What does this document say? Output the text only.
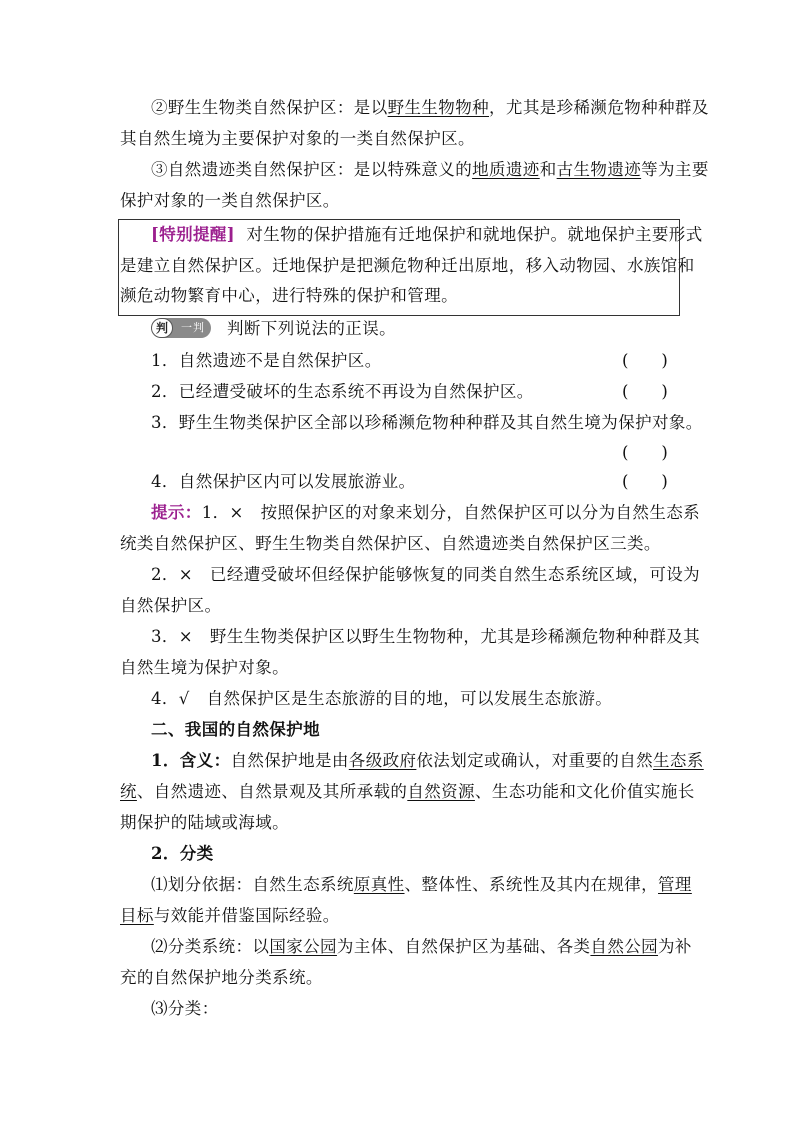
②野生生物类自然保护区：是以野生生物物种，尤其是珍稀濒危物种种群及
其自然生境为主要保护对象的一类自然保护区。
③自然遗迹类自然保护区：是以特殊意义的地质遗迹和古生物遗迹等为主要
保护对象的一类自然保护区。
[特别提醒] 对生物的保护措施有迁地保护和就地保护。就地保护主要形式
是建立自然保护区。迁地保护是把濒危物种迁出原地，移入动物园、水族馆和
濒危动物繁育中心，进行特殊的保护和管理。
判	一判	判断下列说法的正误。
1．自然遗迹不是自然保护区。	(　　)
2．已经遭受破坏的生态系统不再设为自然保护区。	(　　)
3．野生生物类保护区全部以珍稀濒危物种种群及其自然生境为保护对象。
(　　)
4．自然保护区内可以发展旅游业。	(　　)
提示：1．×　按照保护区的对象来划分，自然保护区可以分为自然生态系
统类自然保护区、野生生物类自然保护区、自然遗迹类自然保护区三类。
2．×　已经遭受破坏但经保护能够恢复的同类自然生态系统区域，可设为
自然保护区。
3．×　野生生物类保护区以野生生物物种，尤其是珍稀濒危物种种群及其
自然生境为保护对象。
4．√　自然保护区是生态旅游的目的地，可以发展生态旅游。
二、我国的自然保护地
1．含义：自然保护地是由各级政府依法划定或确认，对重要的自然生态系
统、自然遗迹、自然景观及其所承载的自然资源、生态功能和文化价值实施长
期保护的陆域或海域。
2．分类
⑴划分依据：自然生态系统原真性、整体性、系统性及其内在规律，管理
目标与效能并借鉴国际经验。
⑵分类系统：以国家公园为主体、自然保护区为基础、各类自然公园为补
充的自然保护地分类系统。
⑶分类：
